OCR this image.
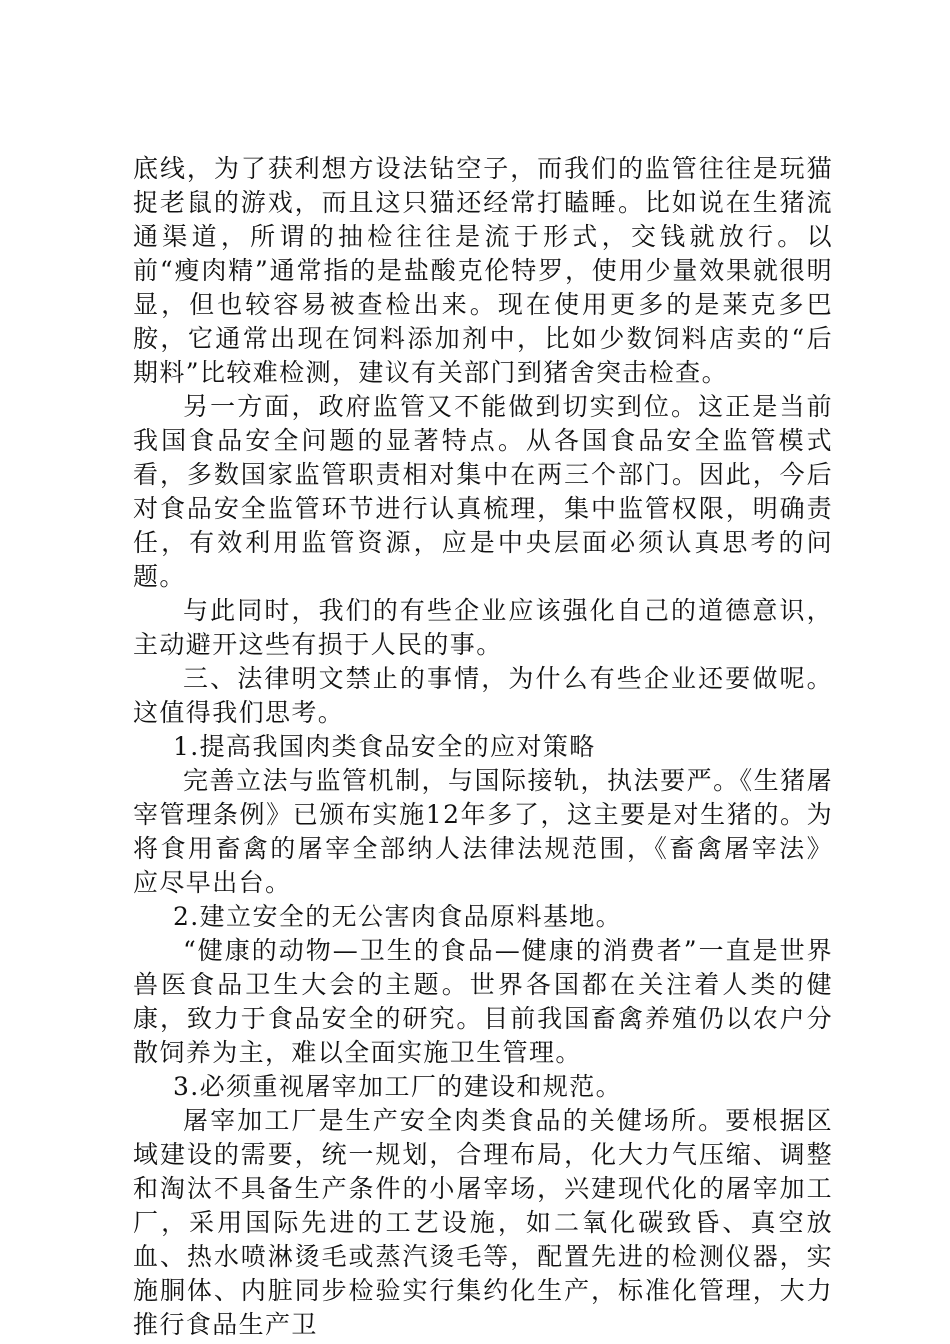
底线，为了获利想方设法钻空子，而我们的监管往往是玩猫捉老鼠的游戏，而且这只猫还经常打瞌睡。比如说在生猪流通渠道，所谓的抽检往往是流于形式，交钱就放行。以前“瘦肉精”通常指的是盐酸克伦特罗，使用少量效果就很明显，但也较容易被查检出来。现在使用更多的是莱克多巴胺，它通常出现在饲料添加剂中，比如少数饲料店卖的“后期料”比较难检测，建议有关部门到猪舍突击检查。

另一方面，政府监管又不能做到切实到位。这正是当前我国食品安全问题的显著特点。从各国食品安全监管模式看，多数国家监管职责相对集中在两三个部门。因此，今后对食品安全监管环节进行认真梳理，集中监管权限，明确责任，有效利用监管资源，应是中央层面必须认真思考的问题。

与此同时，我们的有些企业应该强化自己的道德意识，主动避开这些有损于人民的事。

三、法律明文禁止的事情，为什么有些企业还要做呢。这值得我们思考。

1.提高我国肉类食品安全的应对策略

完善立法与监管机制，与国际接轨，执法要严。《生猪屠宰管理条例》已颁布实施12年多了，这主要是对生猪的。为将食用畜禽的屠宰全部纳人法律法规范围，《畜禽屠宰法》应尽早出台。

2.建立安全的无公害肉食品原料基地。

“健康的动物—卫生的食品—健康的消费者”一直是世界兽医食品卫生大会的主题。世界各国都在关注着人类的健康，致力于食品安全的研究。目前我国畜禽养殖仍以农户分散饲养为主，难以全面实施卫生管理。

3.必须重视屠宰加工厂的建设和规范。

屠宰加工厂是生产安全肉类食品的关健场所。要根据区域建设的需要，统一规划，合理布局，化大力气压缩、调整和淘汰不具备生产条件的小屠宰场，兴建现代化的屠宰加工厂，采用国际先进的工艺设施，如二氧化碳致昏、真空放血、热水喷淋烫毛或蒸汽烫毛等，配置先进的检测仪器，实施胴体、内脏同步检验实行集约化生产，标准化管理，大力推行食品生产卫
